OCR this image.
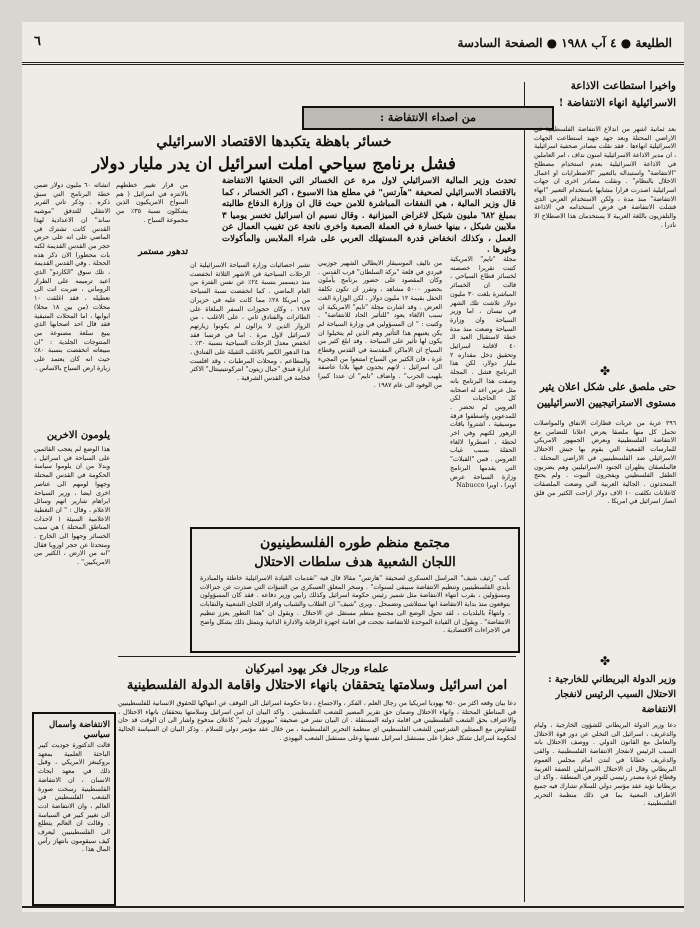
الطليعة ● ٤ آب ١٩٨٨ ● الصفحة السادسة
٦
من اصداء الانتفاضة :
خسائر باهظة يتكبدها الاقتصاد الاسرائيلي
فشل برنامج سياحي املت اسرائيل ان يدر مليار دولار
تحدث وزير المالية الاسرائيلي لاول مرة عن الخسائر التي الحقتها الانتفاضة بالاقتصاد الاسرائيلي لصحيفة "هآرتس" في مطلع هذا الاسبوع ، اكبر الخسائر ، كما قال وزير المالية ، هي النفقات المباشرة للامن حيث قال ان وزارة الدفاع طالبته بمبلغ ٦٨٢ مليون شيكل لاغراض الميزانية . وقال نسيم ان اسرائيل تخسر يوميا ٣ ملايين شيكل ، بينها خسارة في العملة الصعبة واخرى ناتجة عن تغييب العمال عن العمل ، وكذلك انخفاض قدرة المستهلك العربي على شراء الملابس والمأكولات وغيرها .
مجلة "تايم" الامريكية كتبت تقريرا خصصته لخسائر قطاع السياحي ، قالت ان الخسائر المباشرة بلغت ٣٠ مليون دولار تلاشت تلك الشهر في نيسان ، اما وزير السياحة وان وزارة السياحة وضعت منذ مدة خطة لاستقبال العيد الـ ٤٠ لاقامة اسرائيل وتحقيق دخل مقداره ٢ مليار دولار، لكن هذا البرنامج فشل . المجلة وصفت هذا البرنامج بانه مثل عرس اعد له اصحابه كل الحاجيات لكن العروس لم تحضر . للمدعوين واصطفوا فرقة موسيقية ، اشتروا باقات الزهور لكنهم وفي اخر لحظة ، اضطروا لالغاء الحفلة بسبب غياب العروس . فمن "القبلات" التي يقدمها البرنامج وزارة السياحة عرض اوبرا ، اوبرا Nabucco
من تأليف الموسيقار الايطالي الشهير جوزيبي فيردي في قلعة "بركة السلطان" قرب القدس . وكان المقصود على حضور برنامج يأملون بحضور ٥٠٠٠ مشاهد ، وتقرر ان تكون تكلفة الحفل بقيمة ١٢ مليون دولار . لكن الوزارة الغت العرض . وقد اشارت مجلة "تايم" الامريكية ان سبب الالغاء يعود "للتأثير الحاد للانتفاضة" . وكتبت : " ان المسؤولين في وزارة السياحة لم يكن يعنيهم هذا التأثير وهم الذين لم يتخيلوا ان يكون لها تأثير على السياحة . وقد ابلغ كثير من السياح ان الاماكن المقدسة في القدس وقطاع غزة ، فان الكثير من السياح امتنعوا من المجيء الى اسرائيل ، لانهم يجدون فيها بلادا عاصفة بلهيب الحرب" . واضاف "تايم" ان عددا كبيرا من الوفود الى عام ١٩٨٧ .
تشير احصائيات وزارة السياحة الاسرائيلية ان الرحلات السياحية في الاشهر الثلاثة انخفضت منذ ديسمبر بنسبة ٢٤٪ عن نفس الفترة من العام الماضي . كما انخفضت نسبة السياحة من امريكا ٢٨٪ مما كانت عليه في حزيران ١٩٨٧ ، وكان حجوزات السفر الملغاة على الطائرات والفنادق ثاني ، على الاغلب ، من الزوار الذين لا يزالون لم يكونوا زيارتهم لاسرائيل لاول مرة . اما في فرنسا فقد انخفض معدل الرحلات السياحية بنسبة ٣٠٪ . هذا الدهور الكبير بالاغلب الثقيلة على الفنادق ، والمطاعم ، ومحلات المرطبات ، وقد افلست ادارة فندق "جبال زيتون" انتركونتينينتال" الاكثر فخامة في القدس الشرقية .
من قرار تغيير خططهم بالانتزه في اسرائيل ( هم السواح الامريكيون الذين يشكلون نسبة ٣٥٪ من مجموعة السياح .
تدهور مستمر
انشائه ٦٠ مليون دولار ضمن خطة البرنامج التي سبق ذكره . وذكر تاتي الفرير الانتقلي للتدفق "موشيه ساند" ان الاعدادية لهذا القدس كانت تشترك في الماضي على انه على حرص حجر من القدس القديمة لكنه بات محظورا الان ذكر هذه الحجلة . وفي القدس القديمة ، تلك سوق "الكاردو" الذي اعيد ترميمه على الطراز الروماني ، ضربت انت الى تعطيله ، فقد اغلقت ١٠ محلات (من بين ١٨ محلا) ابوابها ، اما المحلات المتبقية فقد قال احد اصحابها الذي يبيع سلعة مصنوعة من المنتوجات الجلدية : "ان مبيعاته انخفضت بنسبة ٨٠٪ حيث انه كان يعتمد على زيارة ارض السياح بالاساس .
يلومون الاخرين
هذا الوضع لم يعجب القائمين على السياحة في اسرائيل ، وبدلا من ان يلوموا سياسة الحكومة في القدس المحتلة وجهوا لومهم الى عناصر اخرى ايضا ، وزير السياحة ابراهام شارير اتهم وسائل الاعلام ، وقال : " ان التغطية الاعلامية السيئة ( لاحداث المناطق المحتلة ) هي سبب الخسائر وجهوا الى الخارج . ومتحدثا عن حجر اوروبا فقال "انه من الارض ، الكثير من الامريكيين" .
مجتمع منظم طوره الفلسطينيون
اللجان الشعبية هدف سلطات الاحتلال
كتب "زئيف شيف" المراسل العسكري لصحيفة "هارتس" مقالا قال فيه "تقدمات القيادة الاسرائيلية خاطئة والمبادرة بأيدي الفلسطينيين وتنظيم الانتفاضة سيبقى لسنوات" . وسخر المعلق العسكري من التنبؤات التي صدرت عن جنرالات ومسؤولين ، بقرب انتهاء الانتفاضة مثل شمير رئيس حكومة اسرائيل وكذلك رابين وزير دفاعه . فقد كان المسؤولون يتوقعون منذ بداية الانتفاضة انها ستتلاشى وتضمحل . ويرى "شيف" ان الطلاب والشباب وافراد اللجان الشعبية والنقابات ، وانتهاءً بالبلديات ، لقد تحول الوضع الى مجتمع منظم مستقل عن الاحتلال . ويقول ان "هذا التطور يعزز تنظيم الانتفاضة" . ويقول ان القيادة الموحدة للانتفاضة نجحت في اقامة اجهزة الرقابة والادارة الذاتية ويتمثل ذلك بشكل واضح في الاجراءات الاقتصادية .
علماء ورجال فكر يهود اميركيان
امن اسرائيل وسلامتها يتحققان بانهاء الاحتلال واقامة الدولة الفلسطينية
دعا بيان وقعه اكثر من ٩٥٠ يهوديا امريكيا من رجال العلم ، الفكر ، والاجتماع ، دعا حكومة اسرائيل الى التوقف عن انتهاكها للحقوق الانسانية للفلسطينيين في المناطق المحتلة ، وانهاء الاحتلال وضمان حق تقرير المصير للشعب الفلسطيني . واكد البيان ان امن اسرائيل وسلامتها يتحققان بانهاء الاحتلال ، والاعتراف بحق الشعب الفلسطيني في اقامة دولته المستقلة . ان البيان نشر في صحيفة "نيويورك تايمز" كاعلان مدفوع واشار الى ان الوقت قد حان للتفاوض مع الممثلين الشرعيين للشعب الفلسطيني اي منظمة التحرير الفلسطينية ، من خلال عقد مؤتمر دولي للسلام . وذكر البيان ان السياسة الحالية لحكومة اسرائيل تشكل خطرا على مستقبل اسرائيل نفسها وعلى مستقبل الشعب اليهودي .
الانتفاضة وأسمال سياسي
قالت الدكتورة جوديت كيبر الباحثة العلمية بمعهد بروكينغز الامريكي ، وقبل ذلك في معهد ابحاث الانسان ، ان الانتفاضة الفلسطينية رسخت صورة الشعب الفلسطيني في العالم ، وان الانتفاضة ادت الى تغيير كبير في السياسة . وقالت ان العالم يتطلع الى الفلسطينيين ليعرف كيف سيقومون بانتهاز رأس المال هذا .
واخيرا استطاعت الاذاعة الاسرائيلية انهاء الانتفاضة !
بعد ثمانية اشهر من اندلاع الانتفاضة الفلسطينية في الاراضي المحتلة وبعد جهد جهيد استطاعت الجهات الاسرائيلية انهاءها . فقد نقلت مصادر صحفية اسرائيلية ، ان مدير الاذاعة الاسرائيلية امنون نداف ، امر العاملين في الاذاعة الاسرائيلية بعدم استخدام مصطلح "الانتفاضة" واستبداله بالتعبير "الاضطرابات او اعمال الاخلال بالنظام" . ونقلت مصادر اخرى ان جهات اسرائيلية اصدرت قرارا مشابها باستخدام التعبير "انهاء الانتفاضة" منذ مدة ، ولكن الاستخدام العربي الذي فشلت الانتفاضة في فرض استخدامه في الاذاعة والتلفزيون باللغة العربية لا يستخدمان هذا الاصطلاح الا نادرا .
✤
حتى ملصق على شكل اعلان يثير مستوى الاستراتيجيين الاسرائيليين
٢٩٦ عربة من عربات قطارات الانفاق والمواصلات تحمل كل منها ملصقا يعرض اعلانا للتضامن مع الانتفاضة الفلسطينية وبعرض الجمهور الامريكي للمارسات القمعية التي يقوم بها جيش الاحتلال الاسرائيلي ضد الفلسطينيين في الاراضي المحتلة . فالملصقان يظهران الجنود الاسرائيليين وهم يضربون الطفل الفلسطيني ويفجرون البيوت . ولم يحتج المتحدثون . الجالية العربية التي وضعت الملصقات كاعلانات تكلفت ١٠ الاف دولار اراحت الكثير من قلق انصار اسرائيل في امريكا .
✤
وزير الدولة البريطاني للخارجية : الاحتلال السبب الرئيس لانفجار الانتفاضة
دعا وزير الدولة البريطاني للشؤون الخارجية ، وليام والدغريف ، اسرائيل الى التخلي عن دور قوة الاحتلال والتعامل مع القانون الدولي . ووصف الاحتلال بانه السبب الرئيس لانفجار الانتفاضة الفلسطينية . والقى والدغريف خطابا في لندن امام مجلس العموم البريطاني وقال ان الاحتلال الاسرائيلي للضفة الغربية وقطاع غزة مصدر رئيسي للتوتر في المنطقة . واكد ان بريطانيا تؤيد عقد مؤتمر دولي للسلام تشارك فيه جميع الاطراف المعنية بما في ذلك منظمة التحرير الفلسطينية .
